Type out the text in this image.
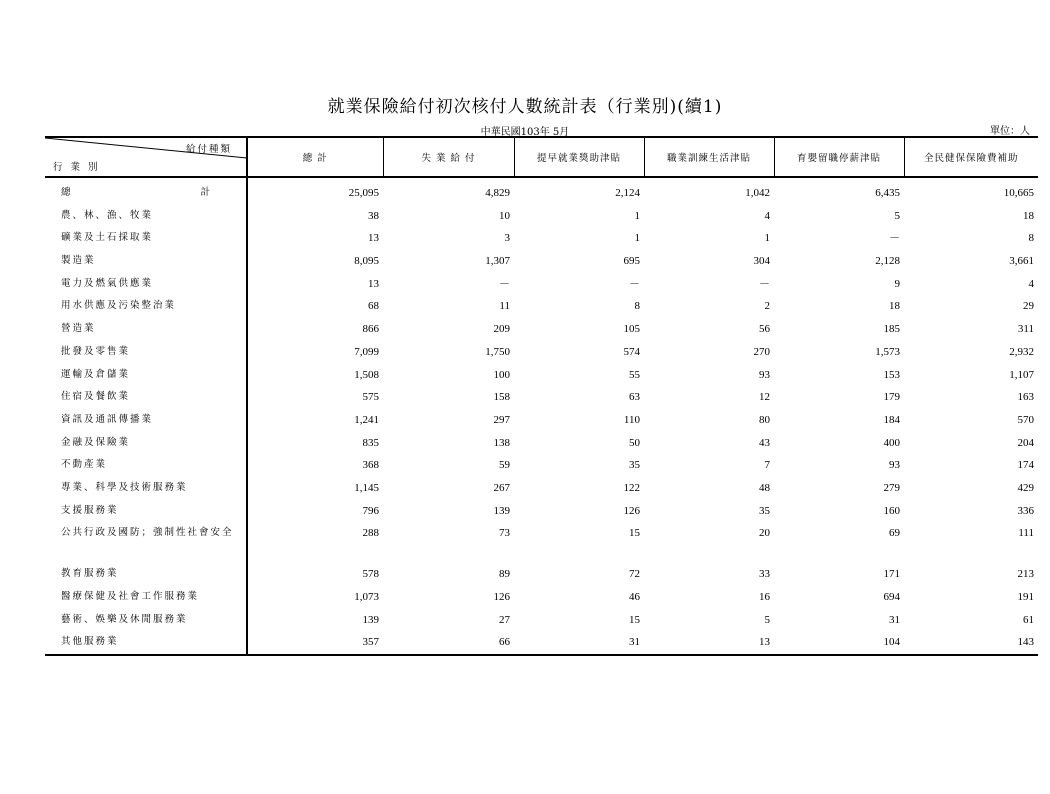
就業保險給付初次核付人數統計表（行業別)(續1)
中華民國103年 5月	單位：人
給付種類
行業別	總 計	失 業 給 付	提早就業獎助津貼	職業訓練生活津貼	育嬰留職停薪津貼	全民健保保險費補助

總 計	25,095	4,829	2,124	1,042	6,435	10,665
農、林、漁、牧業	38	10	1	4	5	18
礦業及土石採取業	13	3	1	1	－	8
製造業	8,095	1,307	695	304	2,128	3,661
電力及燃氣供應業	13	－	－	－	9	4
用水供應及污染整治業	68	11	8	2	18	29
營造業	866	209	105	56	185	311
批發及零售業	7,099	1,750	574	270	1,573	2,932
運輸及倉儲業	1,508	100	55	93	153	1,107
住宿及餐飲業	575	158	63	12	179	163
資訊及通訊傳播業	1,241	297	110	80	184	570
金融及保險業	835	138	50	43	400	204
不動產業	368	59	35	7	93	174
專業、科學及技術服務業	1,145	267	122	48	279	429
支援服務業	796	139	126	35	160	336
公共行政及國防；強制性社會安全	288	73	15	20	69	111
教育服務業	578	89	72	33	171	213
醫療保健及社會工作服務業	1,073	126	46	16	694	191
藝術、娛樂及休閒服務業	139	27	15	5	31	61
其他服務業	357	66	31	13	104	143
